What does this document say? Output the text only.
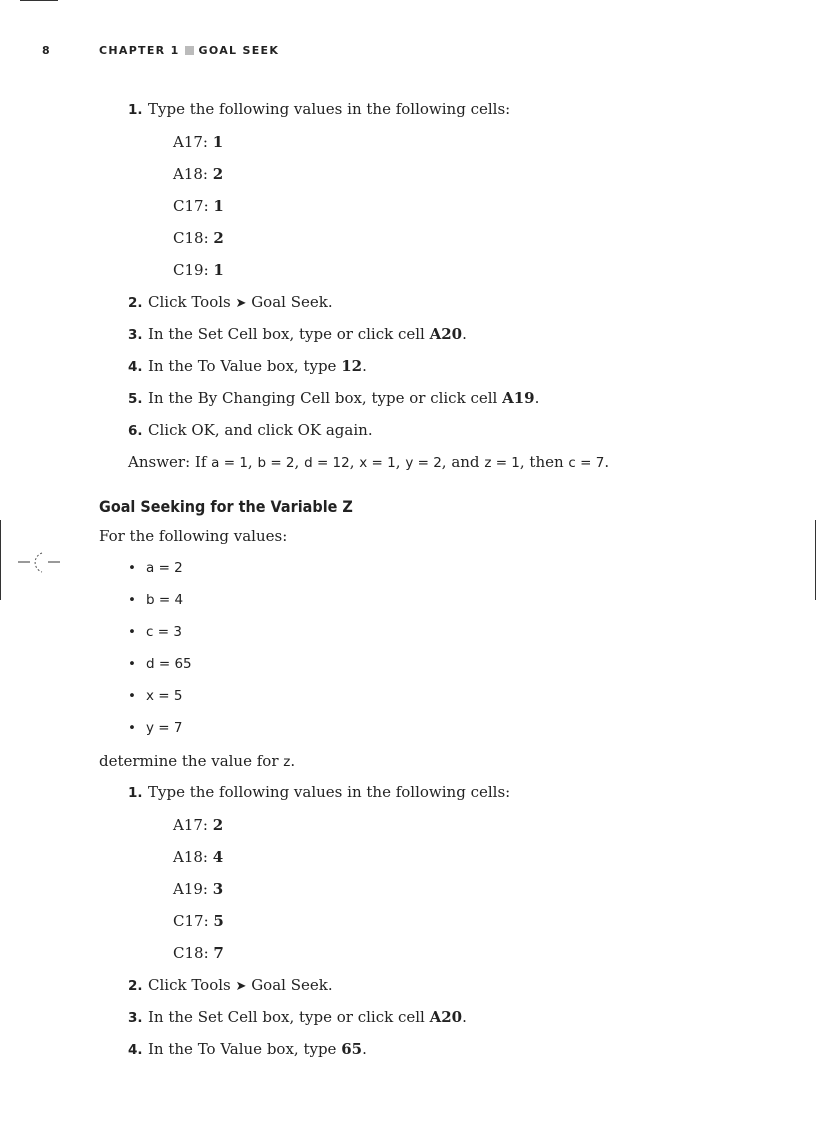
8	CHAPTER 1 GOAL SEEK
1. Type the following values in the following cells:
A17: 1
A18: 2
C17: 1
C18: 2
C19: 1
2. Click Tools ➤ Goal Seek.
3. In the Set Cell box, type or click cell A20.
4. In the To Value box, type 12.
5. In the By Changing Cell box, type or click cell A19.
6. Click OK, and click OK again.
Answer: If a = 1, b = 2, d = 12, x = 1, y = 2, and z = 1, then c = 7.
Goal Seeking for the Variable Z
For the following values:
• a = 2
• b = 4
• c = 3
• d = 65
• x = 5
• y = 7
determine the value for z.
1. Type the following values in the following cells:
A17: 2
A18: 4
A19: 3
C17: 5
C18: 7
2. Click Tools ➤ Goal Seek.
3. In the Set Cell box, type or click cell A20.
4. In the To Value box, type 65.
